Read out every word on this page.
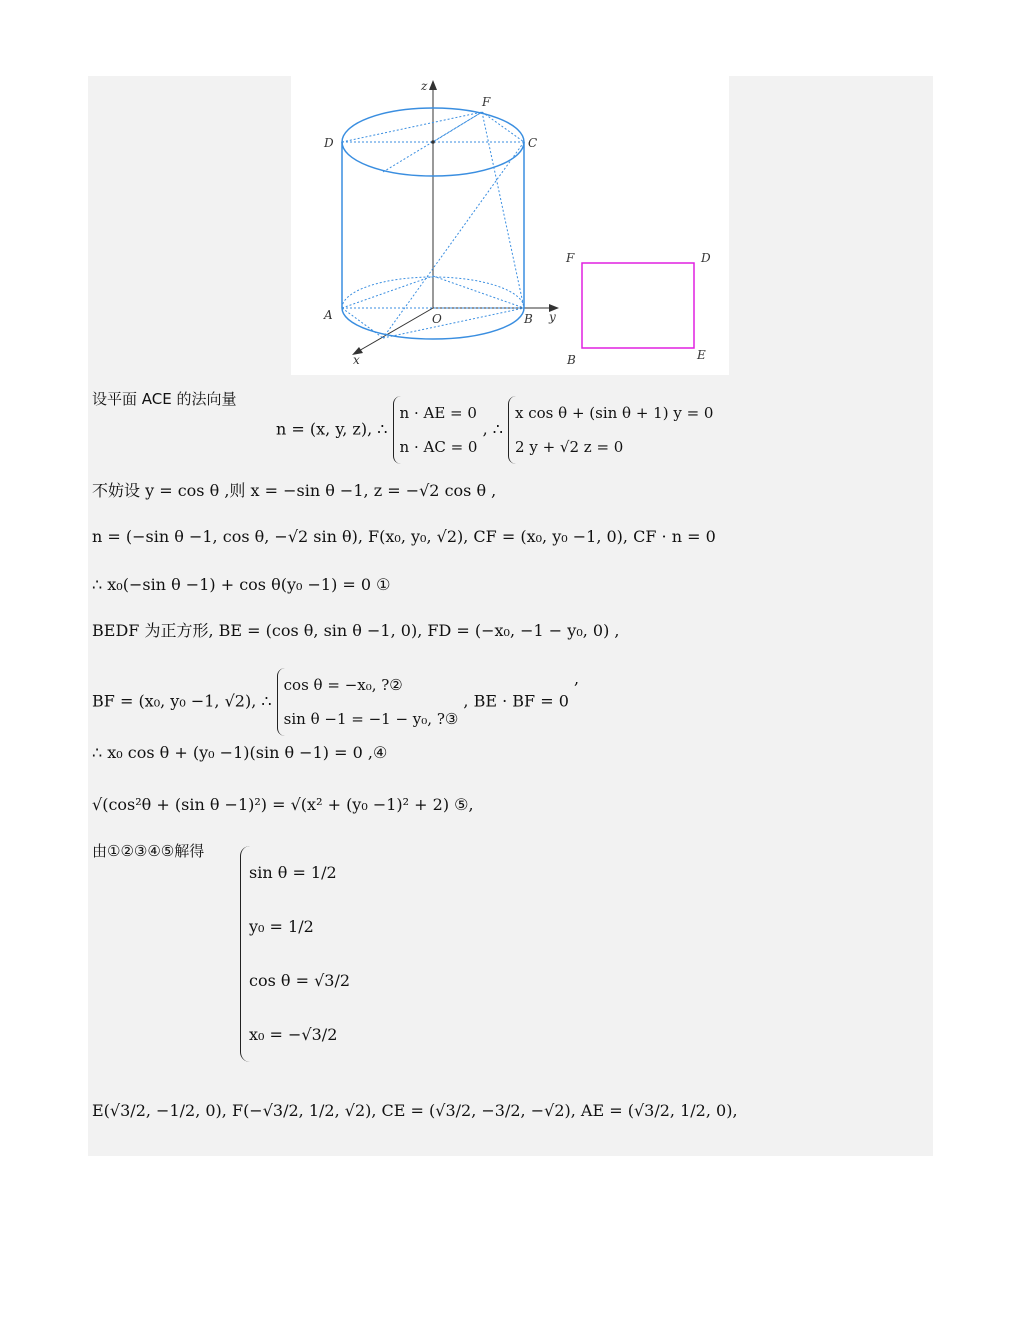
z
F
D	C
A	O	B y
x
F	D
B	E
设平面 ACE 的法向量
n = (x, y, z), ∴
n · AE = 0
n · AC = 0
, ∴
x cos θ + (sin θ + 1) y = 0
2 y + √2 z = 0
不妨设 y = cos θ ,则 x = −sin θ −1, z = −√2 cos θ ,
n = (−sin θ −1, cos θ, −√2 sin θ), F(x₀, y₀, √2), CF = (x₀, y₀ −1, 0), CF · n = 0
∴ x₀(−sin θ −1) + cos θ(y₀ −1) = 0 ①
BEDF 为正方形, BE = (cos θ, sin θ −1, 0), FD = (−x₀, −1 − y₀, 0) ,
BF = (x₀, y₀ −1, √2), ∴
cos θ = −x₀, ?②
sin θ −1 = −1 − y₀, ?③
, BE · BF = 0 ,
∴ x₀ cos θ + (y₀ −1)(sin θ −1) = 0 ,④
√(cos²θ + (sin θ −1)²) = √(x² + (y₀ −1)² + 2) ⑤,
由①②③④⑤解得
sin θ = 1/2
y₀ = 1/2
cos θ = √3/2
x₀ = −√3/2
E(√3/2, −1/2, 0), F(−√3/2, 1/2, √2), CE = (√3/2, −3/2, −√2), AE = (√3/2, 1/2, 0),
